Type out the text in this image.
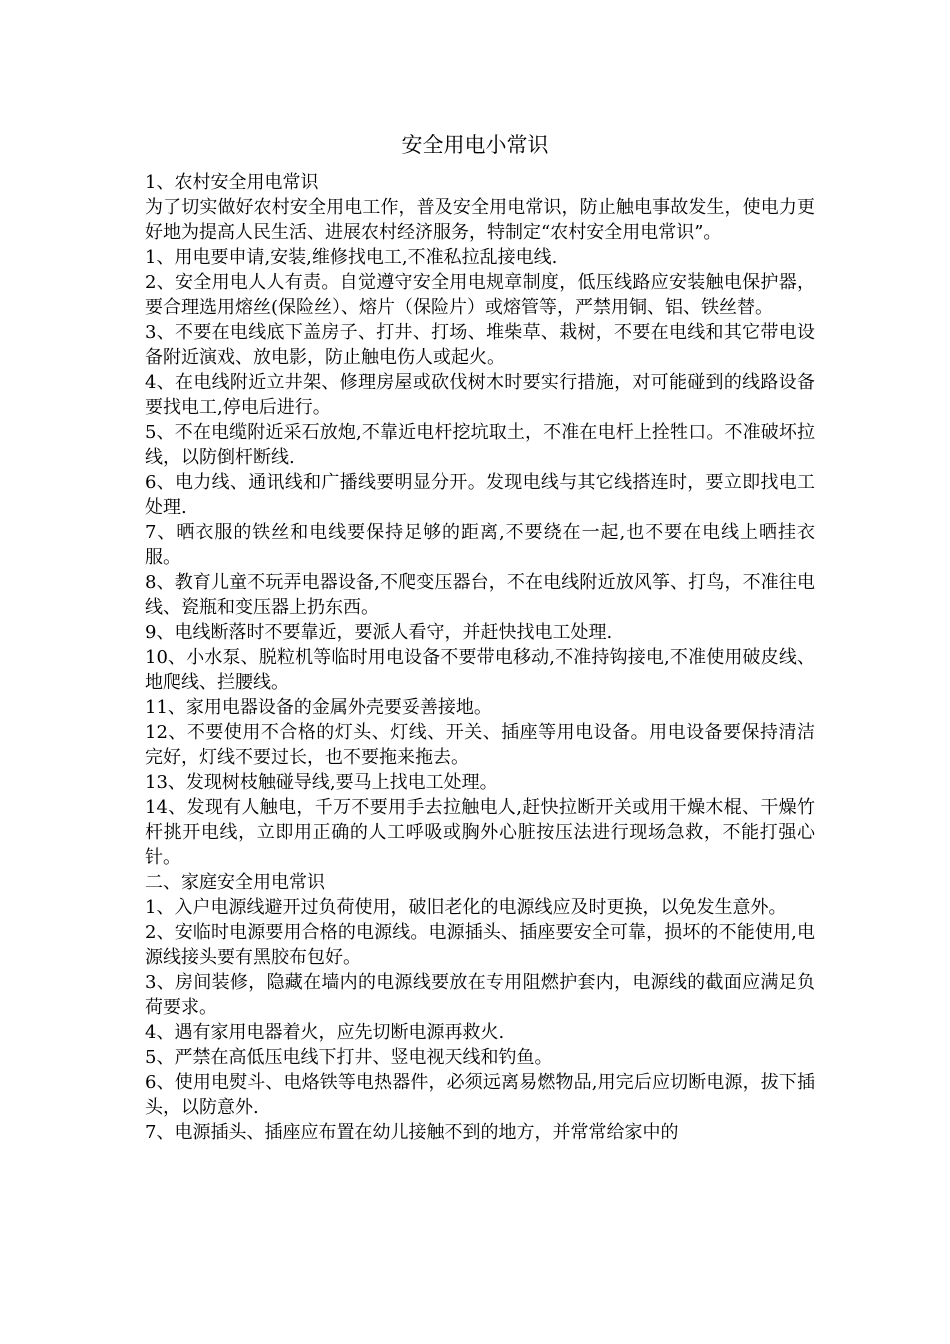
安全用电小常识

1、农村安全用电常识

为了切实做好农村安全用电工作，普及安全用电常识，防止触电事故发生，使电力更好地为提高人民生活、进展农村经济服务，特制定“农村安全用电常识”。

1、用电要申请,安装,维修找电工,不准私拉乱接电线.

2、安全用电人人有责。自觉遵守安全用电规章制度，低压线路应安装触电保护器，要合理选用熔丝(保险丝）、熔片（保险片）或熔管等，严禁用铜、铝、铁丝替。

3、不要在电线底下盖房子、打井、打场、堆柴草、栽树，不要在电线和其它带电设备附近演戏、放电影，防止触电伤人或起火。

4、在电线附近立井架、修理房屋或砍伐树木时要实行措施，对可能碰到的线路设备要找电工,停电后进行。

5、不在电缆附近采石放炮,不靠近电杆挖坑取土，不准在电杆上拴牲口。不准破坏拉线，以防倒杆断线.

6、电力线、通讯线和广播线要明显分开。发现电线与其它线搭连时，要立即找电工处理.

7、晒衣服的铁丝和电线要保持足够的距离,不要绕在一起,也不要在电线上晒挂衣服。

8、教育儿童不玩弄电器设备,不爬变压器台，不在电线附近放风筝、打鸟，不准往电线、瓷瓶和变压器上扔东西。

9、电线断落时不要靠近，要派人看守，并赶快找电工处理.

10、小水泵、脱粒机等临时用电设备不要带电移动,不准持钩接电,不准使用破皮线、地爬线、拦腰线。

11、家用电器设备的金属外壳要妥善接地。

12、不要使用不合格的灯头、灯线、开关、插座等用电设备。用电设备要保持清洁完好，灯线不要过长，也不要拖来拖去。

13、发现树枝触碰导线,要马上找电工处理。

14、发现有人触电，千万不要用手去拉触电人,赶快拉断开关或用干燥木棍、干燥竹杆挑开电线，立即用正确的人工呼吸或胸外心脏按压法进行现场急救，不能打强心针。

二、家庭安全用电常识

1、入户电源线避开过负荷使用，破旧老化的电源线应及时更换，以免发生意外。

2、安临时电源要用合格的电源线。电源插头、插座要安全可靠，损坏的不能使用,电源线接头要有黑胶布包好。

3、房间装修，隐藏在墙内的电源线要放在专用阻燃护套内，电源线的截面应满足负荷要求。

4、遇有家用电器着火，应先切断电源再救火.

5、严禁在高低压电线下打井、竖电视天线和钓鱼。

6、使用电熨斗、电烙铁等电热器件，必须远离易燃物品,用完后应切断电源，拔下插头，以防意外.

7、电源插头、插座应布置在幼儿接触不到的地方，并常常给家中的
